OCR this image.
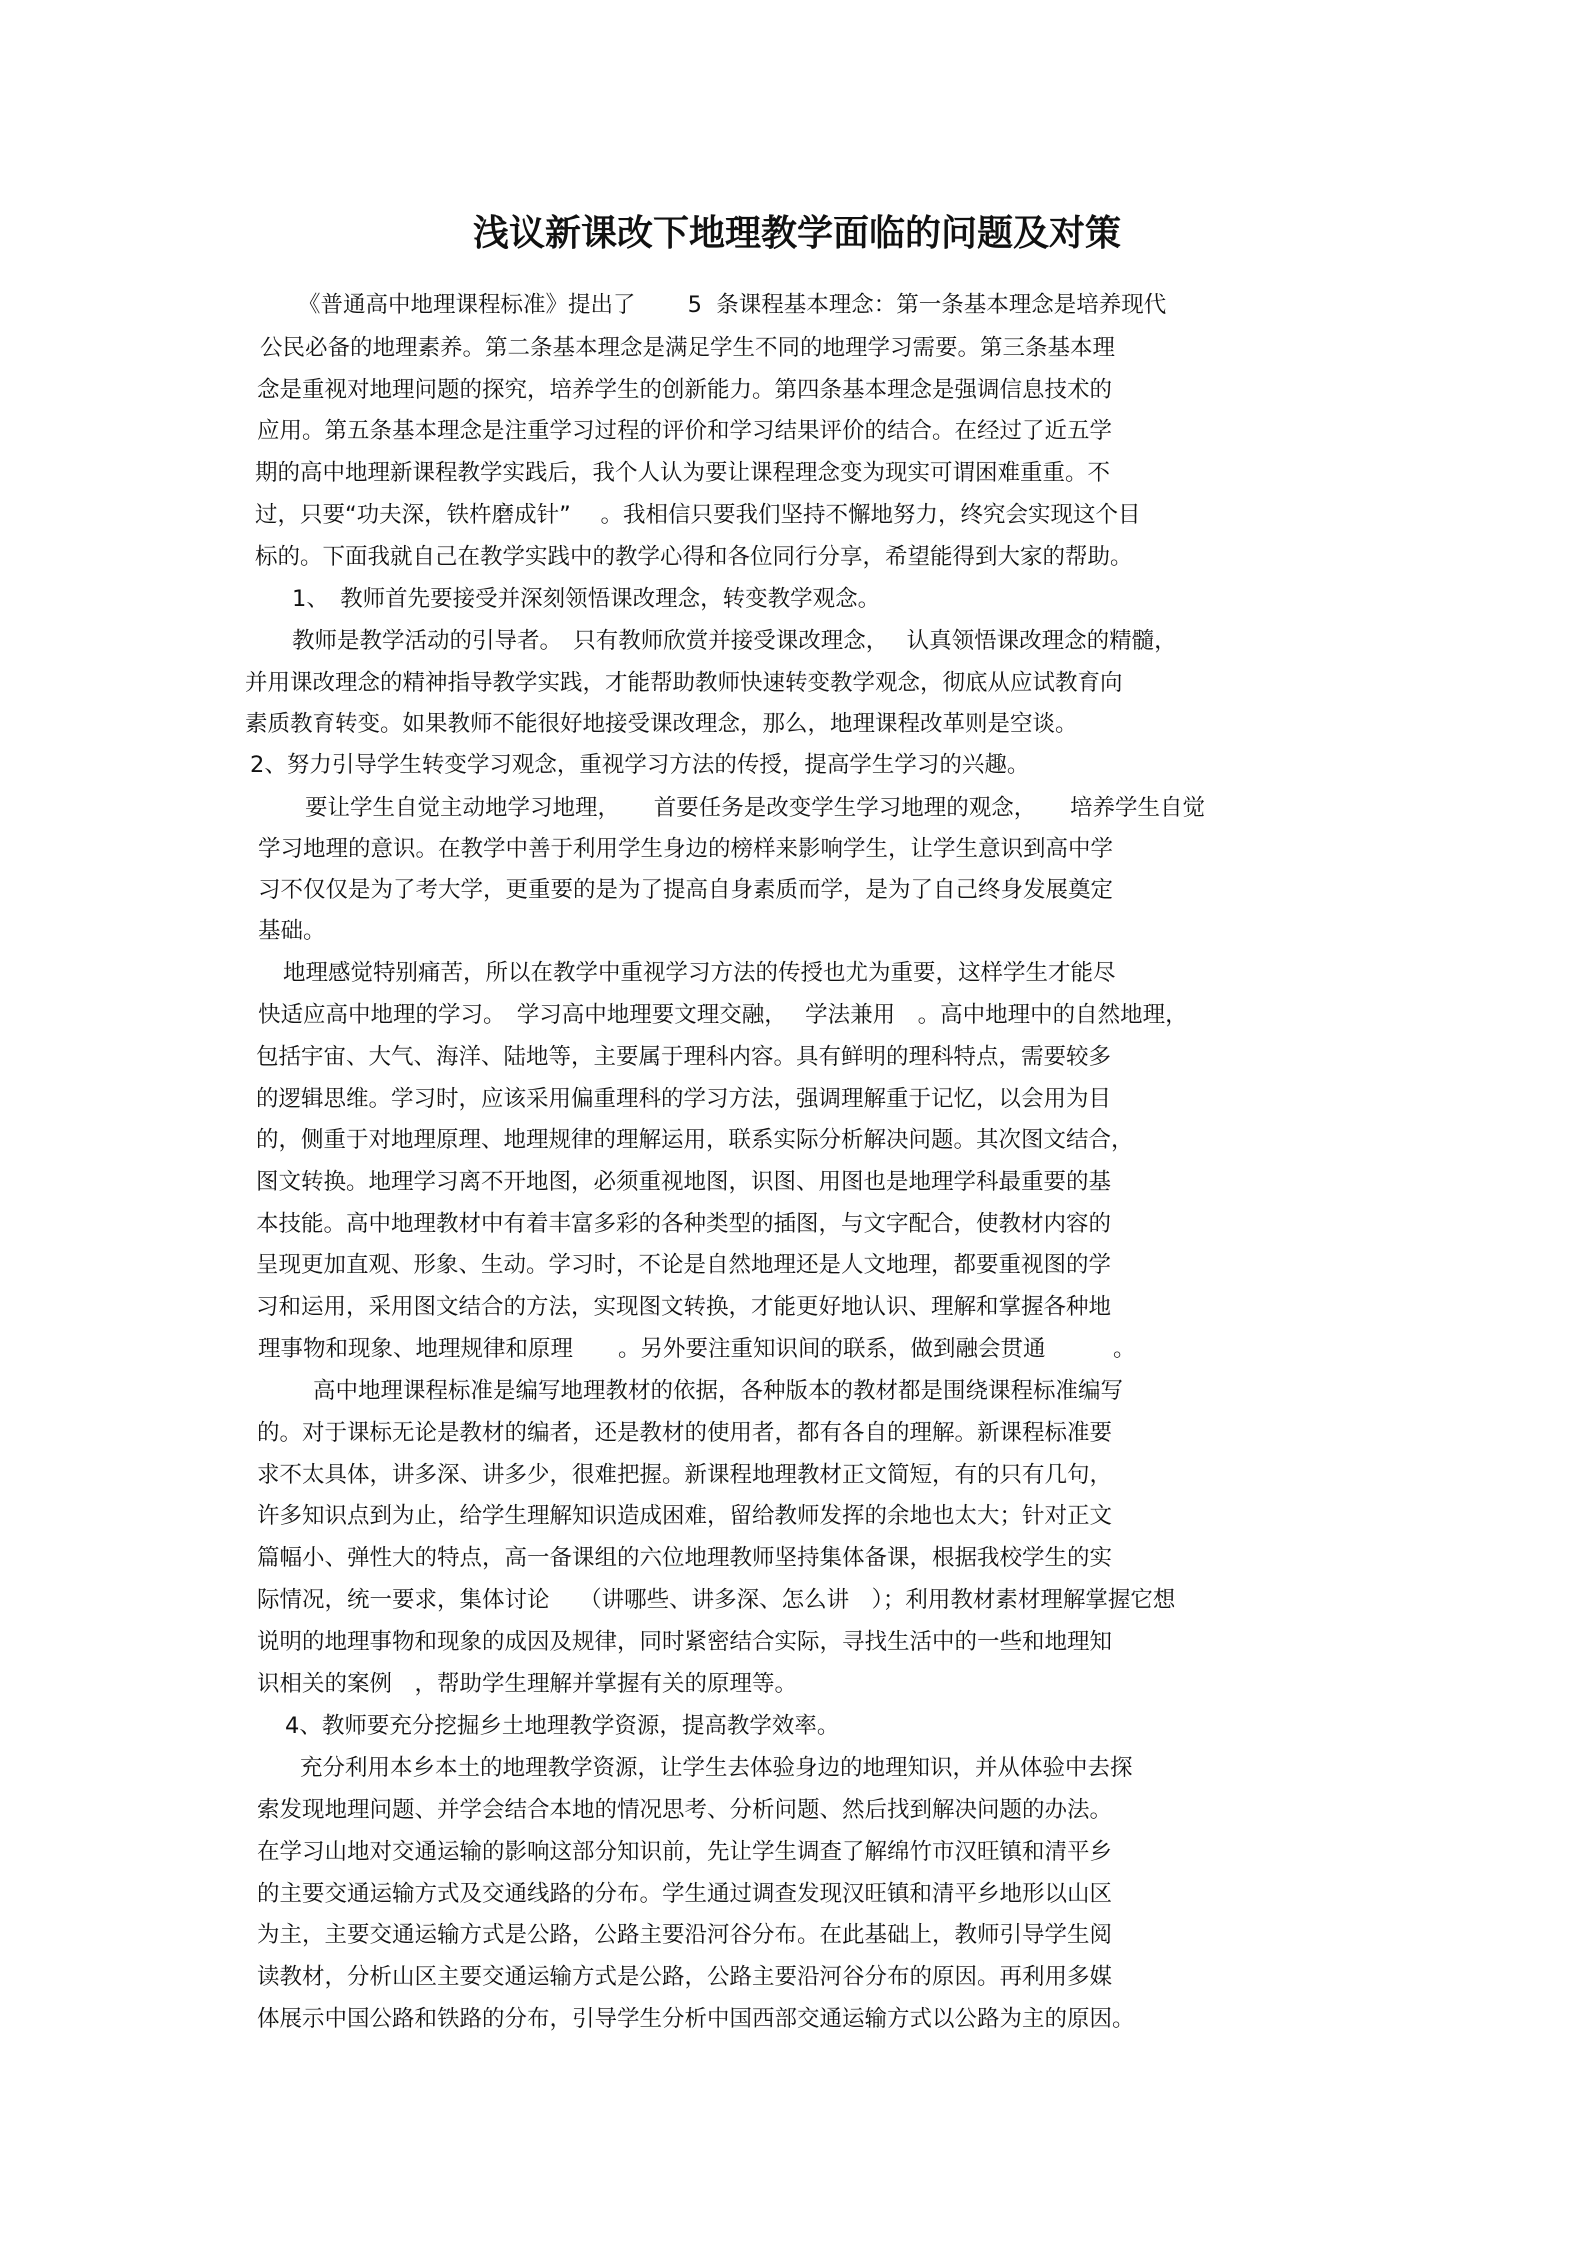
浅议新课改下地理教学面临的问题及对策
《普通高中地理课程标准》提出了　　 5  条课程基本理念：第一条基本理念是培养现代
公民必备的地理素养。第二条基本理念是满足学生不同的地理学习需要。第三条基本理
念是重视对地理问题的探究，培养学生的创新能力。第四条基本理念是强调信息技术的
应用。第五条基本理念是注重学习过程的评价和学习结果评价的结合。在经过了近五学
期的高中地理新课程教学实践后，我个人认为要让课程理念变为现实可谓困难重重。不
过，只要“功夫深，铁杵磨成针”　 。我相信只要我们坚持不懈地努力，终究会实现这个目
标的。下面我就自己在教学实践中的教学心得和各位同行分享，希望能得到大家的帮助。
1、　教师首先要接受并深刻领悟课改理念，转变教学观念。
教师是教学活动的引导者。　只有教师欣赏并接受课改理念，　 认真领悟课改理念的精髓，
并用课改理念的精神指导教学实践，才能帮助教师快速转变教学观念，彻底从应试教育向
素质教育转变。如果教师不能很好地接受课改理念，那么，地理课程改革则是空谈。
2、努力引导学生转变学习观念，重视学习方法的传授，提高学生学习的兴趣。
要让学生自觉主动地学习地理，　　首要任务是改变学生学习地理的观念，　　培养学生自觉
学习地理的意识。在教学中善于利用学生身边的榜样来影响学生，让学生意识到高中学
习不仅仅是为了考大学，更重要的是为了提高自身素质而学，是为了自己终身发展奠定
基础。
地理感觉特别痛苦，所以在教学中重视学习方法的传授也尤为重要，这样学生才能尽
快适应高中地理的学习。　学习高中地理要文理交融，　 学法兼用　。高中地理中的自然地理，
包括宇宙、大气、海洋、陆地等，主要属于理科内容。具有鲜明的理科特点，需要较多
的逻辑思维。学习时，应该采用偏重理科的学习方法，强调理解重于记忆，以会用为目
的，侧重于对地理原理、地理规律的理解运用，联系实际分析解决问题。其次图文结合，
图文转换。地理学习离不开地图，必须重视地图，识图、用图也是地理学科最重要的基
本技能。高中地理教材中有着丰富多彩的各种类型的插图，与文字配合，使教材内容的
呈现更加直观、形象、生动。学习时，不论是自然地理还是人文地理，都要重视图的学
习和运用，采用图文结合的方法，实现图文转换，才能更好地认识、理解和掌握各种地
理事物和现象、地理规律和原理　　。另外要注重知识间的联系，做到融会贯通　　　。
高中地理课程标准是编写地理教材的依据，各种版本的教材都是围绕课程标准编写
的。对于课标无论是教材的编者，还是教材的使用者，都有各自的理解。新课程标准要
求不太具体，讲多深、讲多少，很难把握。新课程地理教材正文简短，有的只有几句，
许多知识点到为止，给学生理解知识造成困难，留给教师发挥的余地也太大；针对正文
篇幅小、弹性大的特点，高一备课组的六位地理教师坚持集体备课，根据我校学生的实
际情况，统一要求，集体讨论　 （讲哪些、讲多深、怎么讲　）；利用教材素材理解掌握它想
说明的地理事物和现象的成因及规律，同时紧密结合实际，寻找生活中的一些和地理知
识相关的案例　，帮助学生理解并掌握有关的原理等。
4、教师要充分挖掘乡土地理教学资源，提高教学效率。
充分利用本乡本土的地理教学资源，让学生去体验身边的地理知识，并从体验中去探
索发现地理问题、并学会结合本地的情况思考、分析问题、然后找到解决问题的办法。
在学习山地对交通运输的影响这部分知识前，先让学生调查了解绵竹市汉旺镇和清平乡
的主要交通运输方式及交通线路的分布。学生通过调查发现汉旺镇和清平乡地形以山区
为主，主要交通运输方式是公路，公路主要沿河谷分布。在此基础上，教师引导学生阅
读教材，分析山区主要交通运输方式是公路，公路主要沿河谷分布的原因。再利用多媒
体展示中国公路和铁路的分布，引导学生分析中国西部交通运输方式以公路为主的原因。
